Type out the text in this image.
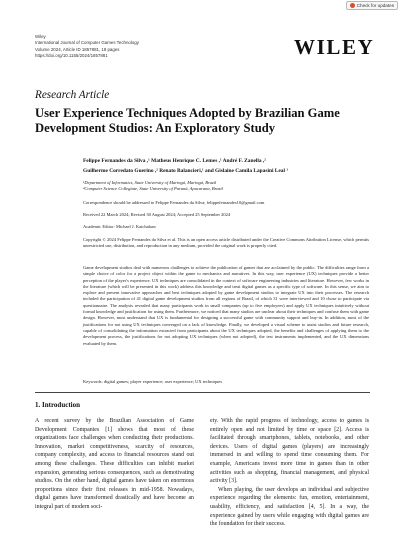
Check for updates
Wiley
International Journal of Computer Games Technology
Volume 2024, Article ID 1857881, 18 pages
https://doi.org/10.1155/2024/1857881	WILEY
Research Article
User Experience Techniques Adopted by Brazilian Game Development Studios: An Exploratory Study
Felippe Fernandes da Silva ,¹ Matheus Henrique C. Lemes ,¹ André F. Zanella ,²
Guilherme Corredato Guerino ,² Renato Balancieri,¹ and Gislaine Camila Lapasini Leal ¹
¹Department of Informatics, State University of Maringá, Maringá, Brazil
²Computer Science Collegiate, State University of Paraná, Apucarana, Brazil
Correspondence should be addressed to Felippe Fernandes da Silva; felippefernandes10@gmail.com
Received 22 March 2024; Revised 30 August 2024; Accepted 25 September 2024
Academic Editor: Michael J. Katchabaw
Copyright © 2024 Felippe Fernandes da Silva et al. This is an open access article distributed under the Creative Commons Attribution License, which permits unrestricted use, distribution, and reproduction in any medium, provided the original work is properly cited.
Game development studios deal with numerous challenges to achieve the publication of games that are acclaimed by the public. The difficulties range from a simple choice of color for a project object within the game to mechanics and narratives. In this way, user experience (UX) techniques provide a better perception of the player's experience. UX techniques are consolidated in the context of software engineering industries and literature. However, few works in the literature (which will be presented in this work) address this knowledge and treat digital games as a specific type of software. In this sense, we aim to explore and present innovative approaches and best techniques adopted by game development studios to integrate UX into their processes. The research included the participation of 41 digital game development studios from all regions of Brazil, of which 31 were interviewed and 10 chose to participate via questionnaire. The analysis revealed that many participants work in small companies (up to five employees) and apply UX techniques intuitively without formal knowledge and justification for using them. Furthermore, we noticed that many studios are unclear about their techniques and confuse them with game design. However, most understand that UX is fundamental for designing a successful game with community support and buy-in. In addition, most of the justifications for not using UX techniques converged on a lack of knowledge. Finally, we developed a visual scheme to assist studios and future research, capable of consolidating the information extracted from participants about the UX techniques adopted, the benefits and challenges of applying them to the development process, the justifications for not adopting UX techniques (when not adopted), the test instruments implemented, and the UX dimensions evaluated by them.
Keywords: digital games; player experience; user experience; UX techniques
1. Introduction

A recent survey by the Brazilian Association of Game Development Companies [1] shows that most of these organizations face challenges when conducting their productions. Innovation, market competitiveness, scarcity of resources, company complexity, and access to financial resources stand out among these challenges. These difficulties can inhibit market expansion, generating serious consequences, such as demotivating studios. On the other hand, digital games have taken on enormous proportions since their first releases in mid-1958. Nowadays, digital games have transformed drastically and have become an integral part of modern soci-

ety. With the rapid progress of technology, access to games is entirely open and not limited by time or space [2]. Access is facilitated through smartphones, tablets, notebooks, and other devices. Users of digital games (players) are increasingly immersed in and willing to spend time consuming them. For example, Americans invest more time in games than in other activities such as shopping, financial management, and physical activity [3].

When playing, the user develops an individual and subjective experience regarding the elements: fun, emotion, entertainment, usability, efficiency, and satisfaction [4, 5]. In a way, the experience gained by users while engaging with digital games are the foundation for their success.
